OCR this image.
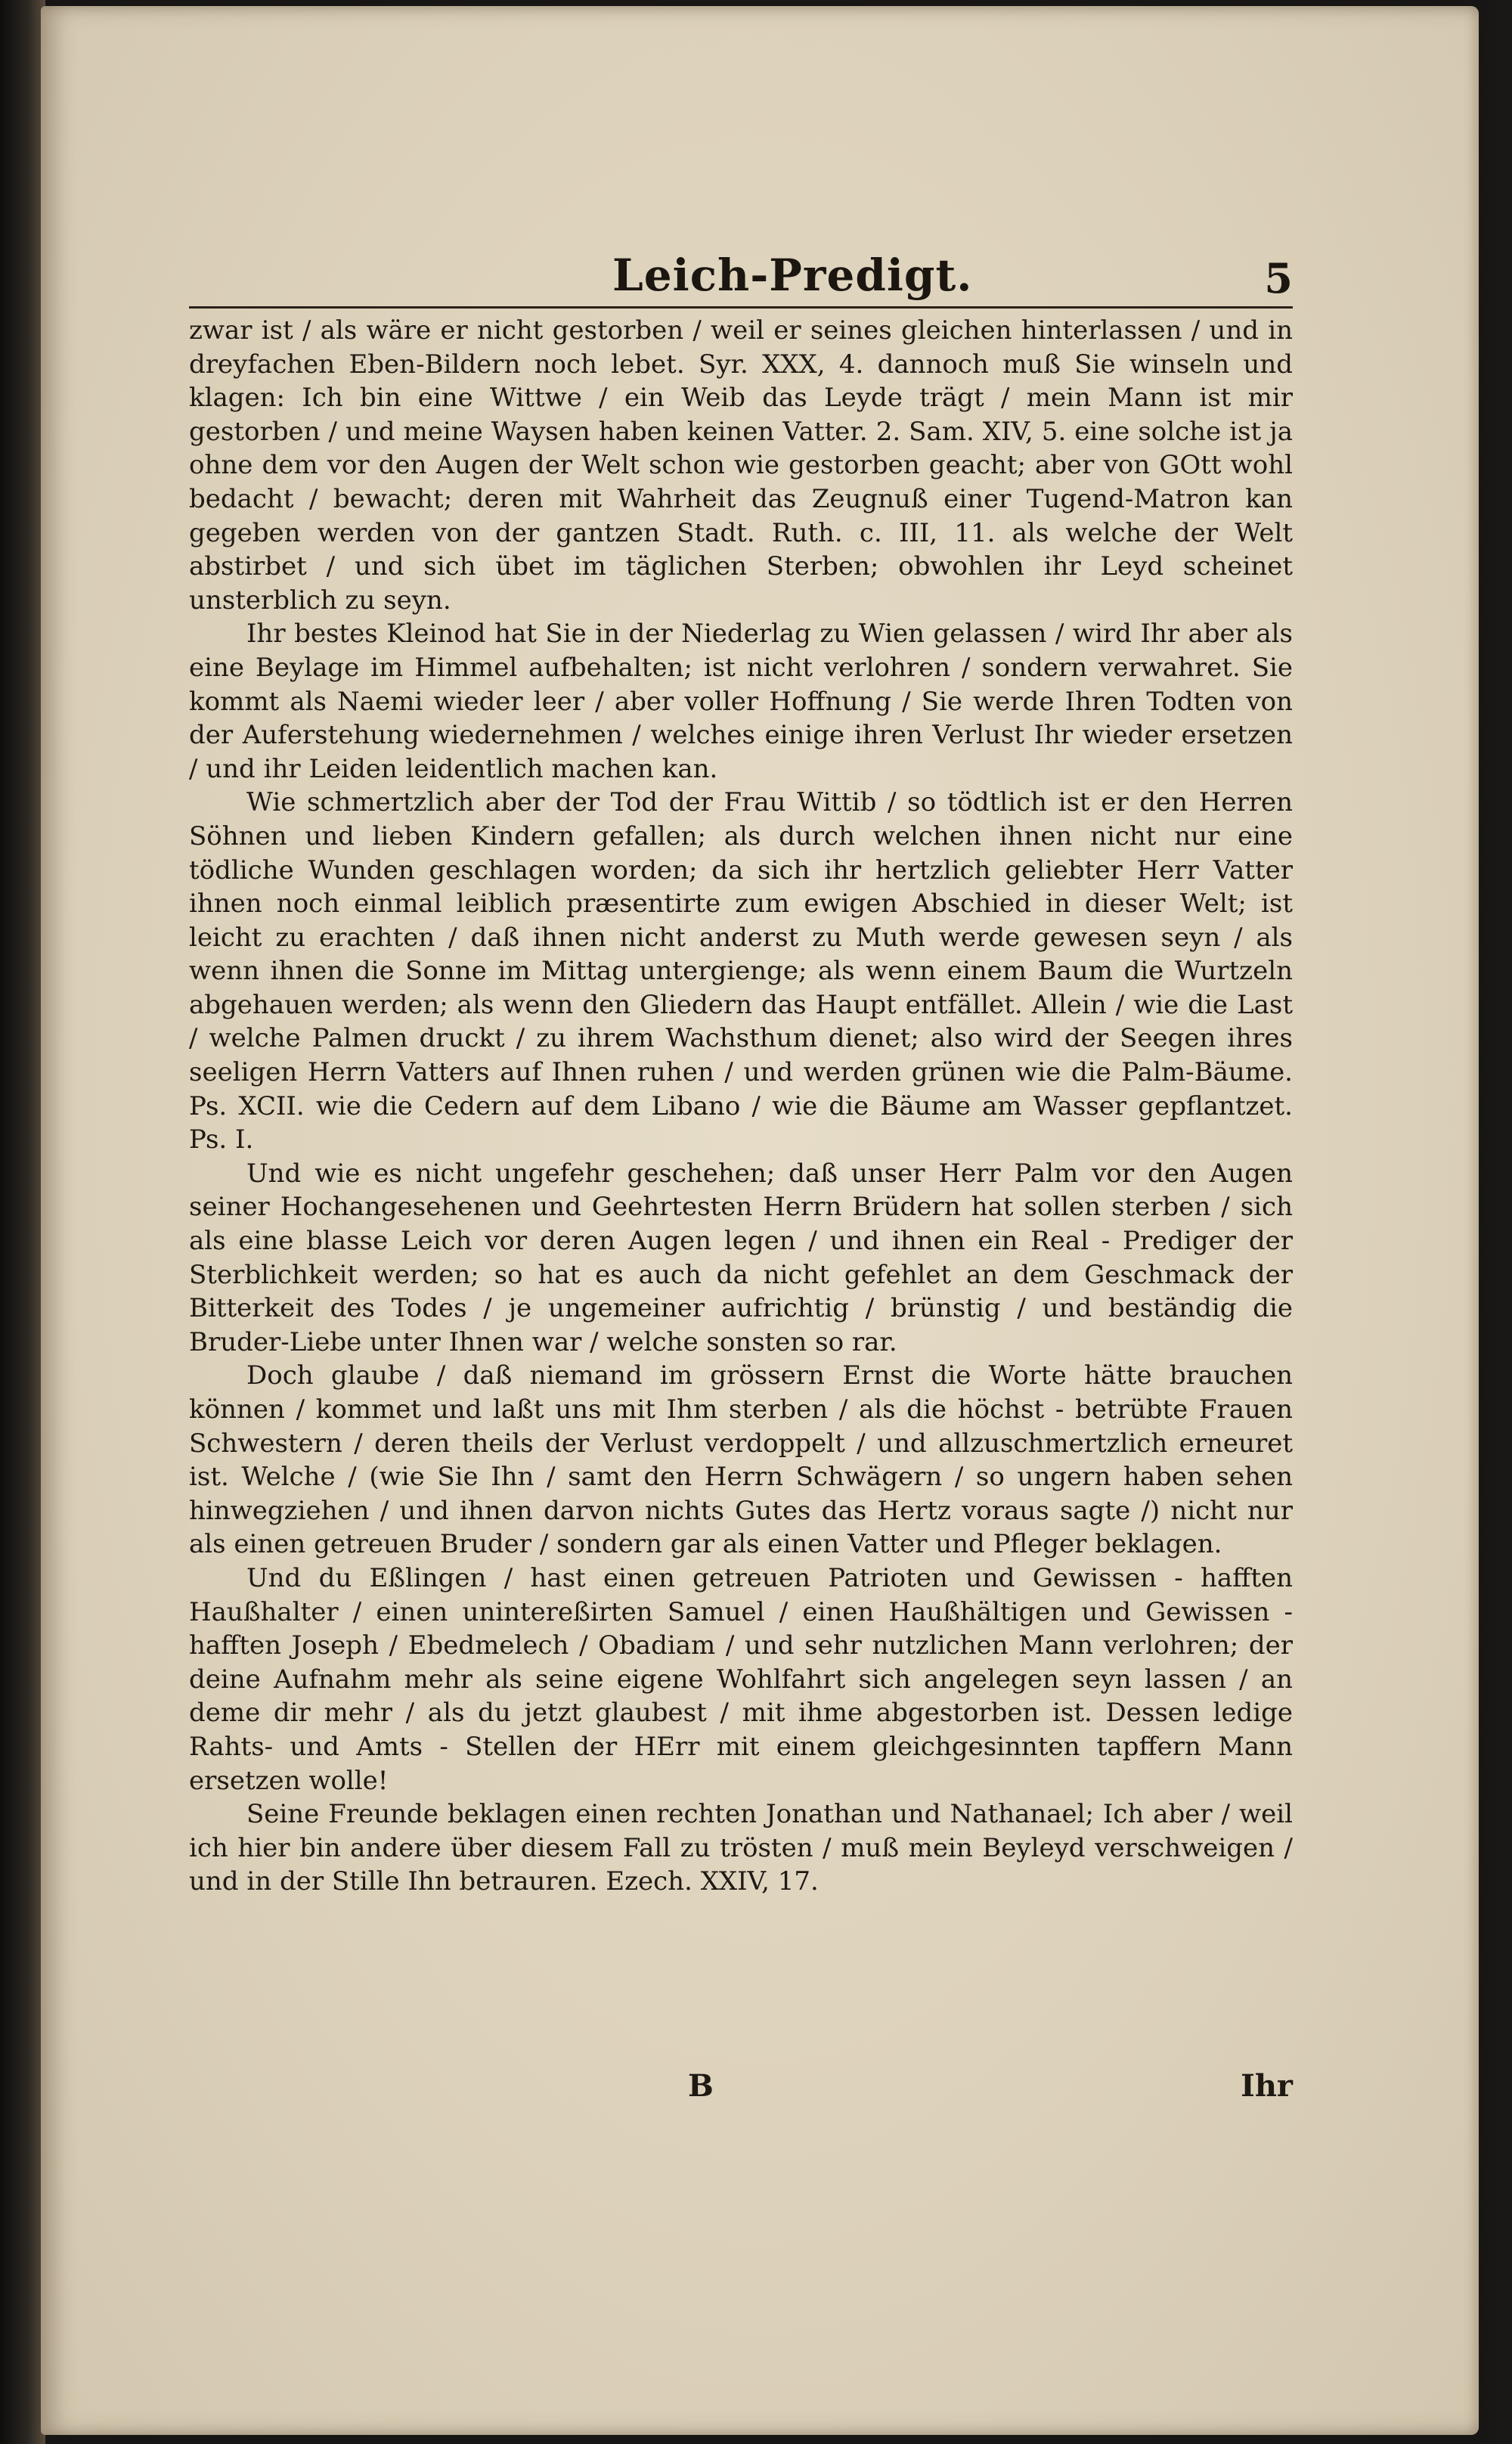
Leich-Predigt.	5

zwar ist / als wäre er nicht gestorben / weil er seines gleichen hinterlassen / und in dreyfachen Eben-Bildern noch lebet. Syr. XXX, 4. dannoch muß Sie winseln und klagen: Ich bin eine Wittwe / ein Weib das Leyde trägt / mein Mann ist mir gestorben / und meine Waysen haben keinen Vatter. 2. Sam. XIV, 5. eine solche ist ja ohne dem vor den Augen der Welt schon wie gestorben geacht; aber von GOtt wohl bedacht / bewacht; deren mit Wahrheit das Zeugnuß einer Tugend-Matron kan gegeben werden von der gantzen Stadt. Ruth. c. III, 11. als welche der Welt abstirbet / und sich übet im täglichen Sterben; obwohlen ihr Leyd scheinet unsterblich zu seyn.

Ihr bestes Kleinod hat Sie in der Niederlag zu Wien gelassen / wird Ihr aber als eine Beylage im Himmel aufbehalten; ist nicht verlohren / sondern verwahret. Sie kommt als Naemi wieder leer / aber voller Hoffnung / Sie werde Ihren Todten von der Auferstehung wiedernehmen / welches einige ihren Verlust Ihr wieder ersetzen / und ihr Leiden leidentlich machen kan.

Wie schmertzlich aber der Tod der Frau Wittib / so tödtlich ist er den Herren Söhnen und lieben Kindern gefallen; als durch welchen ihnen nicht nur eine tödliche Wunden geschlagen worden; da sich ihr hertzlich geliebter Herr Vatter ihnen noch einmal leiblich præsentirte zum ewigen Abschied in dieser Welt; ist leicht zu erachten / daß ihnen nicht anderst zu Muth werde gewesen seyn / als wenn ihnen die Sonne im Mittag untergienge; als wenn einem Baum die Wurtzeln abgehauen werden; als wenn den Gliedern das Haupt entfället. Allein / wie die Last / welche Palmen druckt / zu ihrem Wachsthum dienet; also wird der Seegen ihres seeligen Herrn Vatters auf Ihnen ruhen / und werden grünen wie die Palm-Bäume. Ps. XCII. wie die Cedern auf dem Libano / wie die Bäume am Wasser gepflantzet. Ps. I.

Und wie es nicht ungefehr geschehen; daß unser Herr Palm vor den Augen seiner Hochangesehenen und Geehrtesten Herrn Brüdern hat sollen sterben / sich als eine blasse Leich vor deren Augen legen / und ihnen ein Real - Prediger der Sterblichkeit werden; so hat es auch da nicht gefehlet an dem Geschmack der Bitterkeit des Todes / je ungemeiner aufrichtig / brünstig / und beständig die Bruder-Liebe unter Ihnen war / welche sonsten so rar.

Doch glaube / daß niemand im grössern Ernst die Worte hätte brauchen können / kommet und laßt uns mit Ihm sterben / als die höchst - betrübte Frauen Schwestern / deren theils der Verlust verdoppelt / und allzuschmertzlich erneuret ist. Welche / (wie Sie Ihn / samt den Herrn Schwägern / so ungern haben sehen hinwegziehen / und ihnen darvon nichts Gutes das Hertz voraus sagte /) nicht nur als einen getreuen Bruder / sondern gar als einen Vatter und Pfleger beklagen.

Und du Eßlingen / hast einen getreuen Patrioten und Gewissen - hafften Haußhalter / einen unintereßirten Samuel / einen Haußhältigen und Gewissen - hafften Joseph / Ebedmelech / Obadiam / und sehr nutzlichen Mann verlohren; der deine Aufnahm mehr als seine eigene Wohlfahrt sich angelegen seyn lassen / an deme dir mehr / als du jetzt glaubest / mit ihme abgestorben ist. Dessen ledige Rahts- und Amts - Stellen der HErr mit einem gleichgesinnten tapffern Mann ersetzen wolle!

Seine Freunde beklagen einen rechten Jonathan und Nathanael; Ich aber / weil ich hier bin andere über diesem Fall zu trösten / muß mein Beyleyd verschweigen / und in der Stille Ihn betrauren. Ezech. XXIV, 17.

B	Ihr
